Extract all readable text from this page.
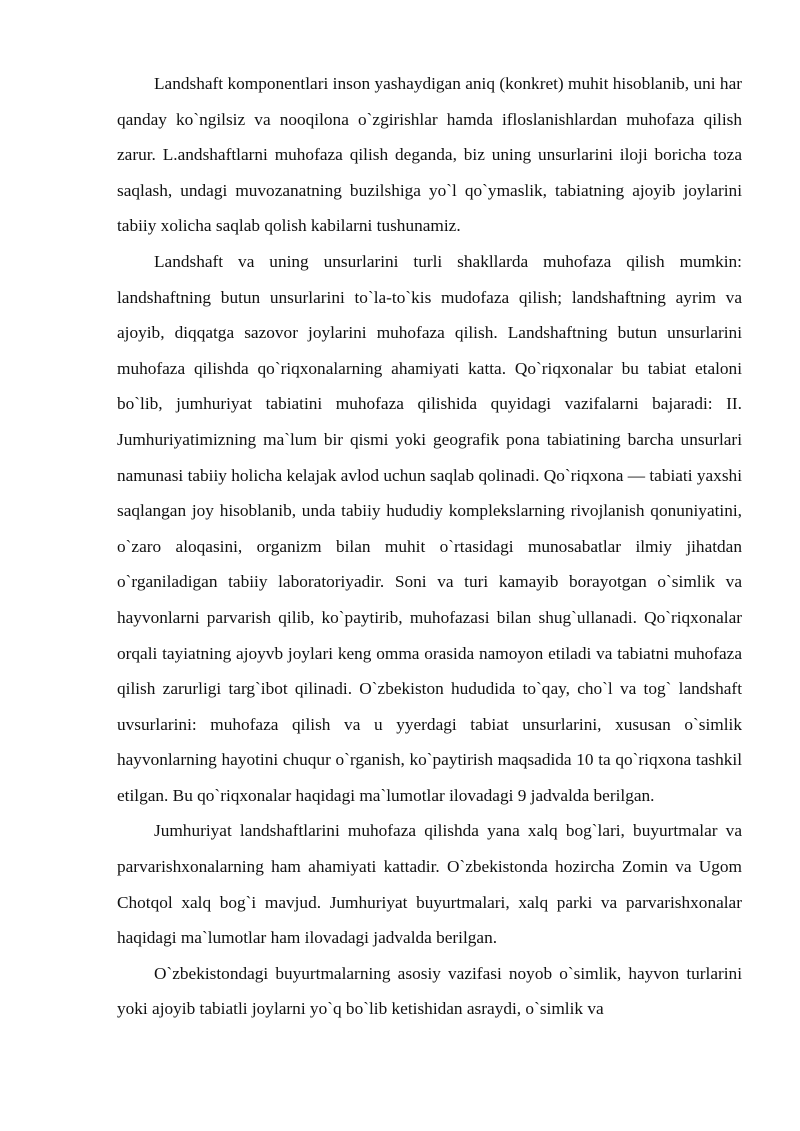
Landshaft komponentlari inson yashaydigan aniq (konkret) muhit hisoblanib, uni har qanday ko`ngilsiz va nooqilona o`zgirishlar hamda ifloslanishlardan muhofaza qilish zarur. L.andshaftlarni muhofaza qilish deganda, biz uning unsurlarini iloji boricha toza saqlash, undagi muvozanatning buzilshiga yo`l qo`ymaslik, tabiatning ajoyib joylarini tabiiy xolicha saqlab qolish kabilarni tushunamiz.

Landshaft va uning unsurlarini turli shakllarda muhofaza qilish mumkin: landshaftning butun unsurlarini to`la-to`kis mudofaza qilish; landshaftning ayrim va ajoyib, diqqatga sazovor joylarini muhofaza qilish. Landshaftning butun unsurlarini muhofaza qilishda qo`riqxonalarning ahamiyati katta. Qo`riqxonalar bu tabiat etaloni bo`lib, jumhuriyat tabiatini muhofaza qilishida quyidagi vazifalarni bajaradi: II. Jumhuriyatimizning ma`lum bir qismi yoki geografik pona tabiatining barcha unsurlari namunasi tabiiy holicha kelajak avlod uchun saqlab qolinadi. Qo`riqxona — tabiati yaxshi saqlangan joy hisoblanib, unda tabiiy hududiy komplekslarning rivojlanish qonuniyatini, o`zaro aloqasini, organizm bilan muhit o`rtasidagi munosabatlar ilmiy jihatdan o`rganiladigan tabiiy laboratoriyadir. Soni va turi kamayib borayotgan o`simlik va hayvonlarni parvarish qilib, ko`paytirib, muhofazasi bilan shug`ullanadi. Qo`riqxonalar orqali tayiatning ajoyvb joylari keng omma orasida namoyon etiladi va tabiatni muhofaza qilish zarurligi targ`ibot qilinadi. O`zbekiston hududida to`qay, cho`l va tog` landshaft uvsurlarini: muhofaza qilish va u yyerdagi tabiat unsurlarini, xususan o`simlik hayvonlarning hayotini chuqur o`rganish, ko`paytirish maqsadida 10 ta qo`riqxona tashkil etilgan. Bu qo`riqxonalar haqidagi ma`lumotlar ilovadagi 9 jadvalda berilgan.

Jumhuriyat landshaftlarini muhofaza qilishda yana xalq bog`lari, buyurtmalar va parvarishxonalarning ham ahamiyati kattadir. O`zbekistonda hozircha Zomin va Ugom Chotqol xalq bog`i mavjud. Jumhuriyat buyurtmalari, xalq parki va parvarishxonalar haqidagi ma`lumotlar ham ilovadagi jadvalda berilgan.

O`zbekistondagi buyurtmalarning asosiy vazifasi noyob o`simlik, hayvon turlarini yoki ajoyib tabiatli joylarni yo`q bo`lib ketishidan asraydi, o`simlik va
